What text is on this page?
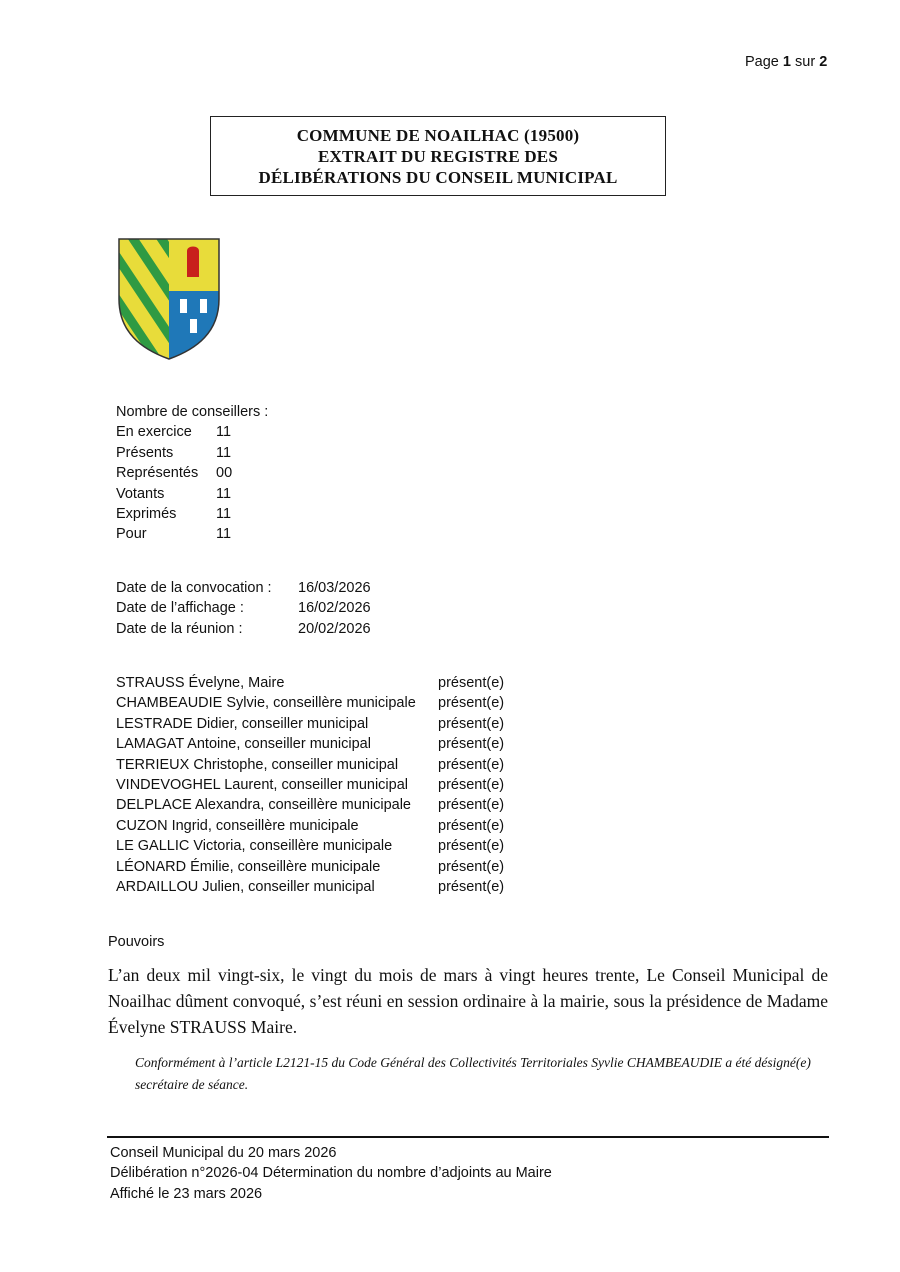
Page 1 sur 2
COMMUNE DE NOAILHAC (19500)
EXTRAIT DU REGISTRE DES
DÉLIBÉRATIONS DU CONSEIL MUNICIPAL
Nombre de conseillers :
En exercice 11
Présents	11
Représentés 00
Votants	11
Exprimés	11
Pour	11
Date de la convocation : 16/03/2026
Date de l’affichage :	16/02/2026
Date de la réunion :	20/02/2026
STRAUSS Évelyne, Maire	présent(e)
CHAMBEAUDIE Sylvie, conseillère municipale présent(e)
LESTRADE Didier, conseiller municipal	présent(e)
LAMAGAT Antoine, conseiller municipal	présent(e)
TERRIEUX Christophe, conseiller municipal	présent(e)
VINDEVOGHEL Laurent, conseiller municipal présent(e)
DELPLACE Alexandra, conseillère municipale présent(e)
CUZON Ingrid, conseillère municipale	présent(e)
LE GALLIC Victoria, conseillère municipale	présent(e)
LÉONARD Émilie, conseillère municipale	présent(e)
ARDAILLOU Julien, conseiller municipal	présent(e)
Pouvoirs
L’an deux mil vingt-six, le vingt du mois de mars à vingt heures trente, Le Conseil Municipal de Noailhac dûment convoqué, s’est réuni en session ordinaire à la mairie, sous la présidence de Madame Évelyne STRAUSS Maire.
Conformément à l’article L2121-15 du Code Général des Collectivités Territoriales Syvlie CHAMBEAUDIE a été désigné(e) secrétaire de séance.
Conseil Municipal du 20 mars 2026
Délibération n°2026-04 Détermination du nombre d’adjoints au Maire
Affiché le 23 mars 2026
